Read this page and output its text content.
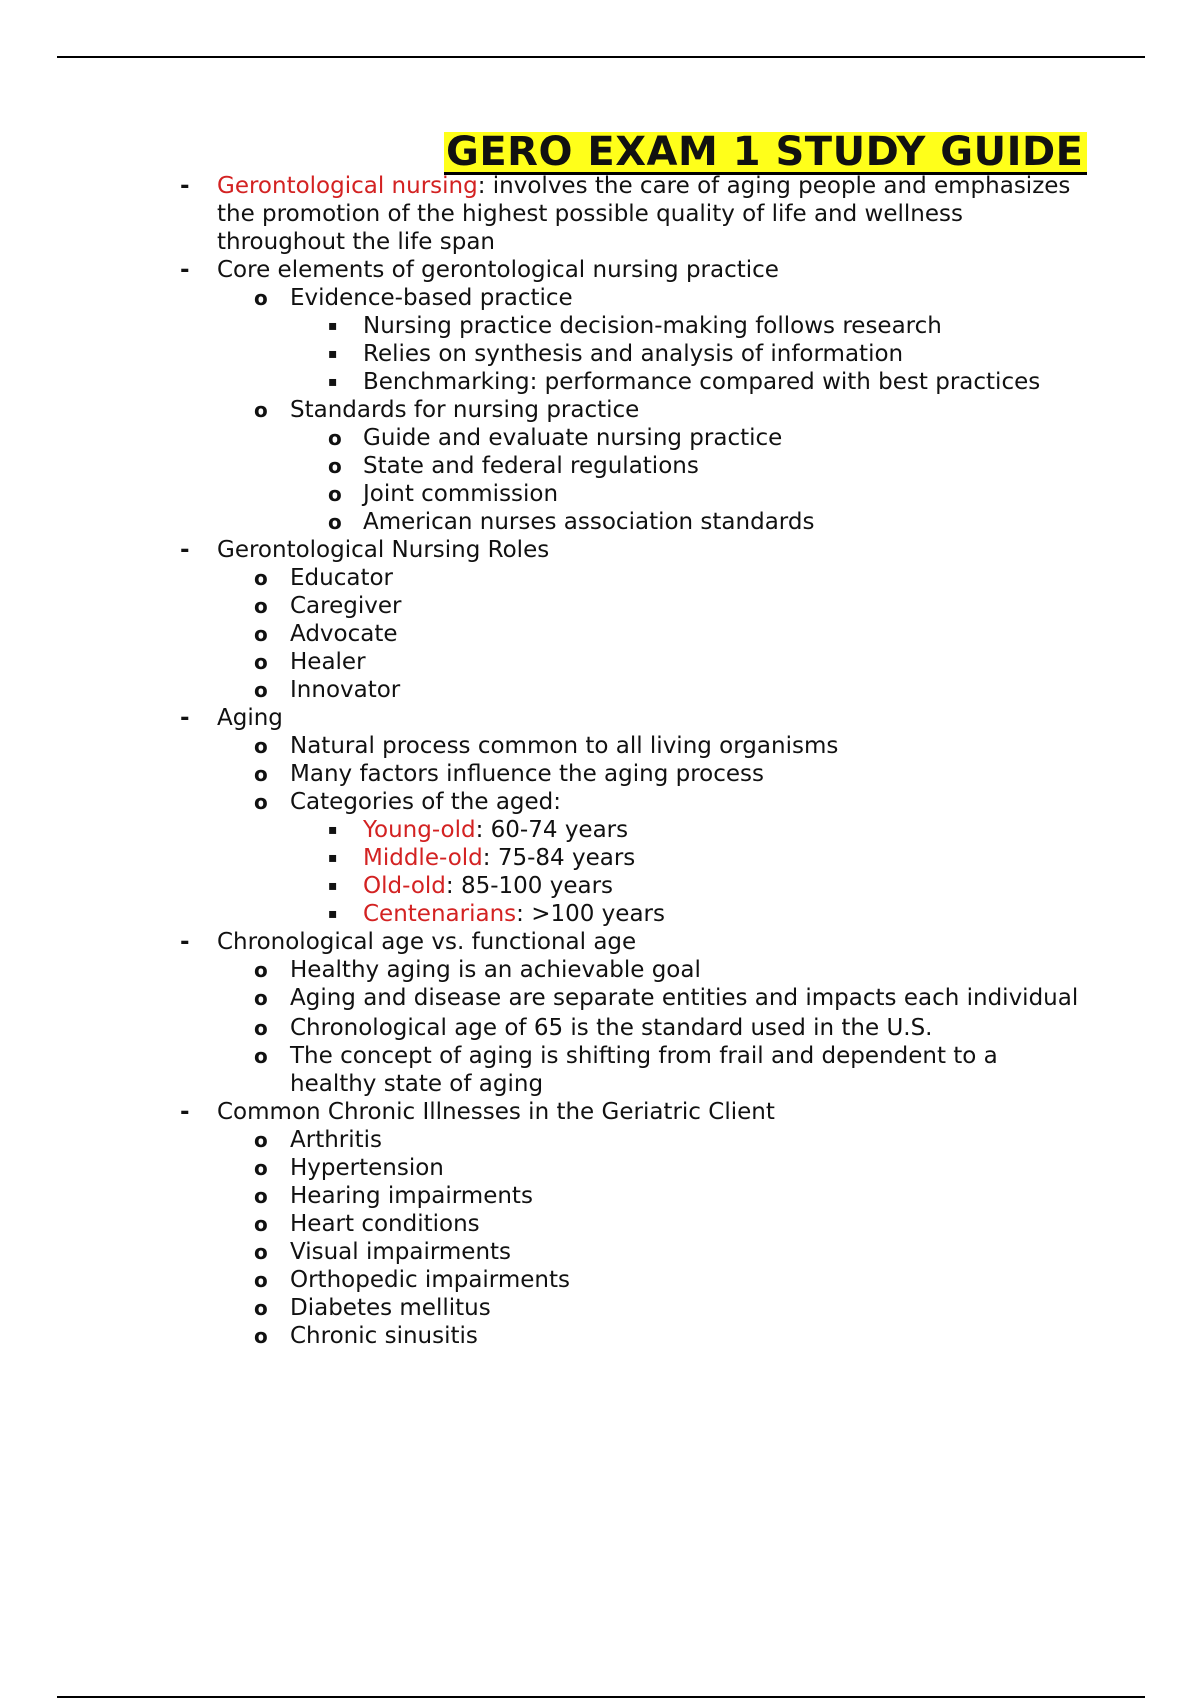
GERO EXAM 1 STUDY GUIDE
- Gerontological nursing: involves the care of aging people and emphasizes the promotion of the highest possible quality of life and wellness throughout the life span
- Core elements of gerontological nursing practice
o Evidence-based practice
▪ Nursing practice decision-making follows research
▪ Relies on synthesis and analysis of information
▪ Benchmarking: performance compared with best practices
o Standards for nursing practice
o Guide and evaluate nursing practice
o State and federal regulations
o Joint commission
o American nurses association standards
- Gerontological Nursing Roles
o Educator
o Caregiver
o Advocate
o Healer
o Innovator
- Aging
o Natural process common to all living organisms
o Many factors influence the aging process
o Categories of the aged:
▪ Young-old: 60-74 years
▪ Middle-old: 75-84 years
▪ Old-old: 85-100 years
▪ Centenarians: >100 years
- Chronological age vs. functional age
o Healthy aging is an achievable goal
o Aging and disease are separate entities and impacts each individual
o Chronological age of 65 is the standard used in the U.S.
o The concept of aging is shifting from frail and dependent to a healthy state of aging
- Common Chronic Illnesses in the Geriatric Client
o Arthritis
o Hypertension
o Hearing impairments
o Heart conditions
o Visual impairments
o Orthopedic impairments
o Diabetes mellitus
o Chronic sinusitis
